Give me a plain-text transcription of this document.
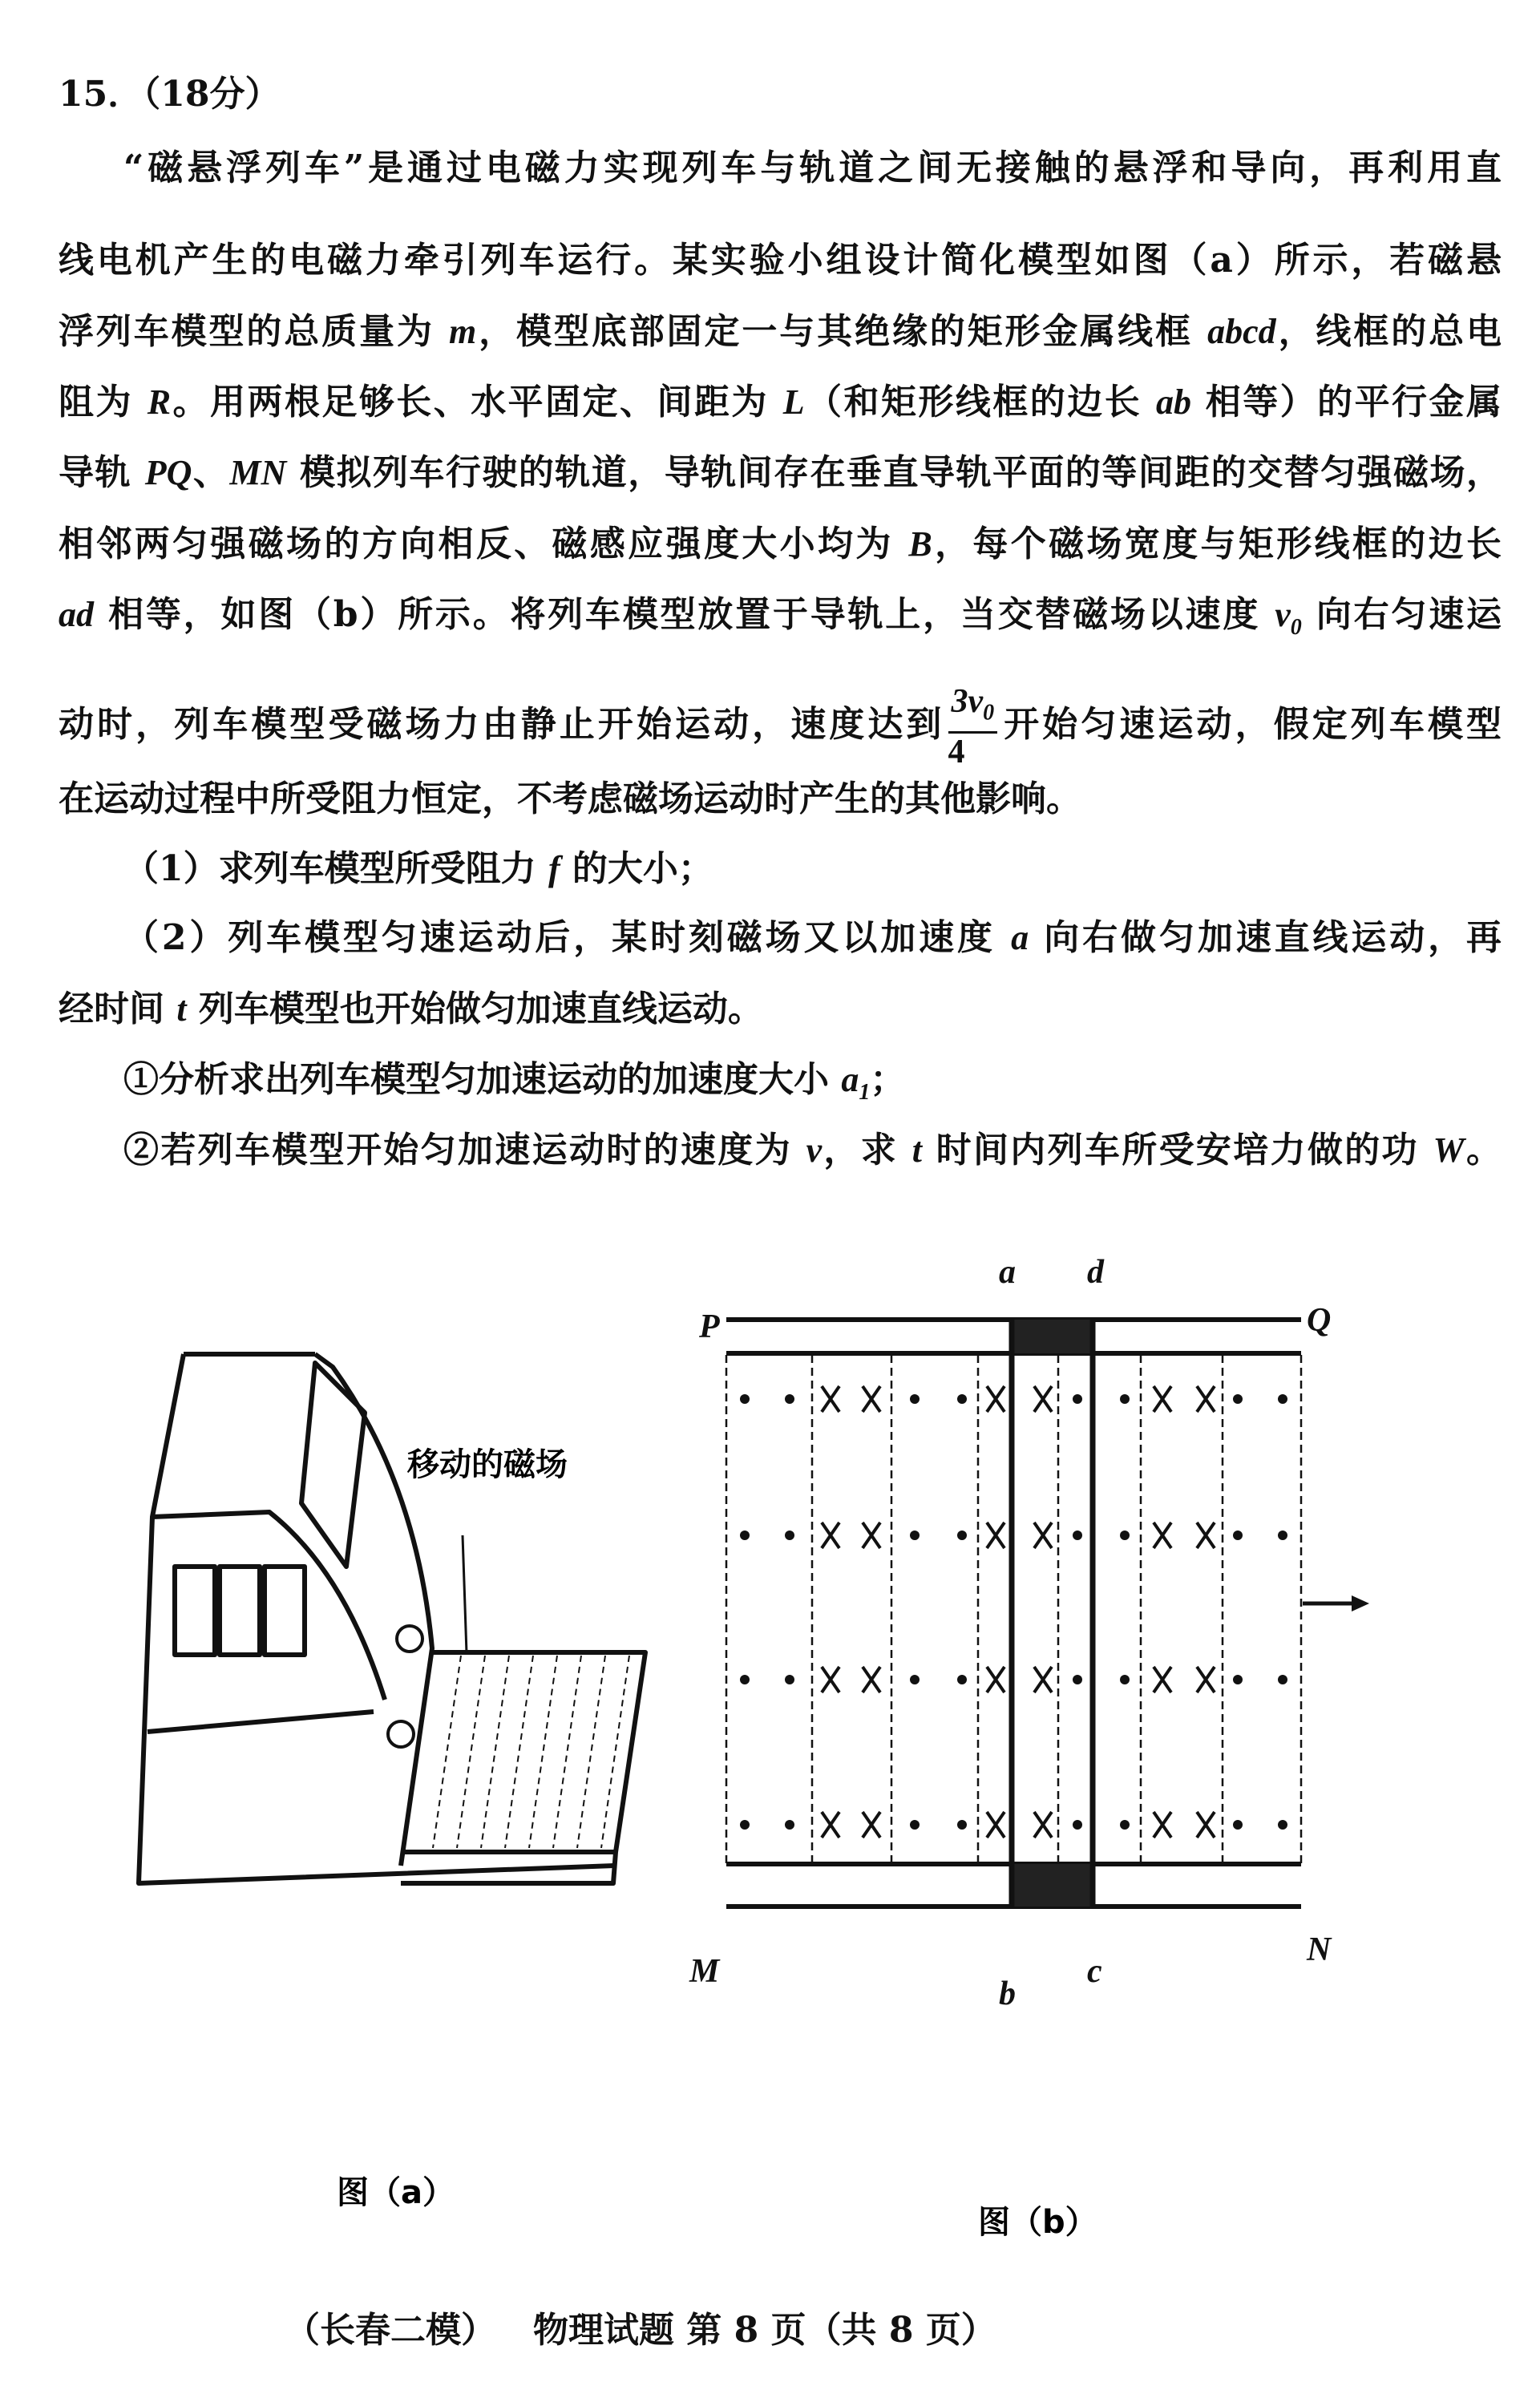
15．（18分）
“磁悬浮列车”是通过电磁力实现列车与轨道之间无接触的悬浮和导向，再利用直
线电机产生的电磁力牵引列车运行。某实验小组设计简化模型如图（a）所示，若磁悬
浮列车模型的总质量为 m，模型底部固定一与其绝缘的矩形金属线框 abcd，线框的总电
阻为 R。用两根足够长、水平固定、间距为 L（和矩形线框的边长 ab 相等）的平行金属
导轨 PQ、MN 模拟列车行驶的轨道，导轨间存在垂直导轨平面的等间距的交替匀强磁场，
相邻两匀强磁场的方向相反、磁感应强度大小均为 B，每个磁场宽度与矩形线框的边长
ad 相等，如图（b）所示。将列车模型放置于导轨上，当交替磁场以速度 $v_0$ 向右匀速运
动时，列车模型受磁场力由静止开始运动，速度达到 $\frac{3v_0}{4}$ 开始匀速运动，假定列车模型
在运动过程中所受阻力恒定，不考虑磁场运动时产生的其他影响。
（1）求列车模型所受阻力 f 的大小；
（2）列车模型匀速运动后，某时刻磁场又以加速度 a 向右做匀加速直线运动，再
经时间 t 列车模型也开始做匀加速直线运动。
①分析求出列车模型匀加速运动的加速度大小 $a_1$；
②若列车模型开始匀加速运动时的速度为 v，求 t 时间内列车所受安培力做的功 W。
移动的磁场
图（a）
P	Q
M
N
a d
b
c
图（b）
（长春二模）   物理试题 第 8 页（共 8 页）
